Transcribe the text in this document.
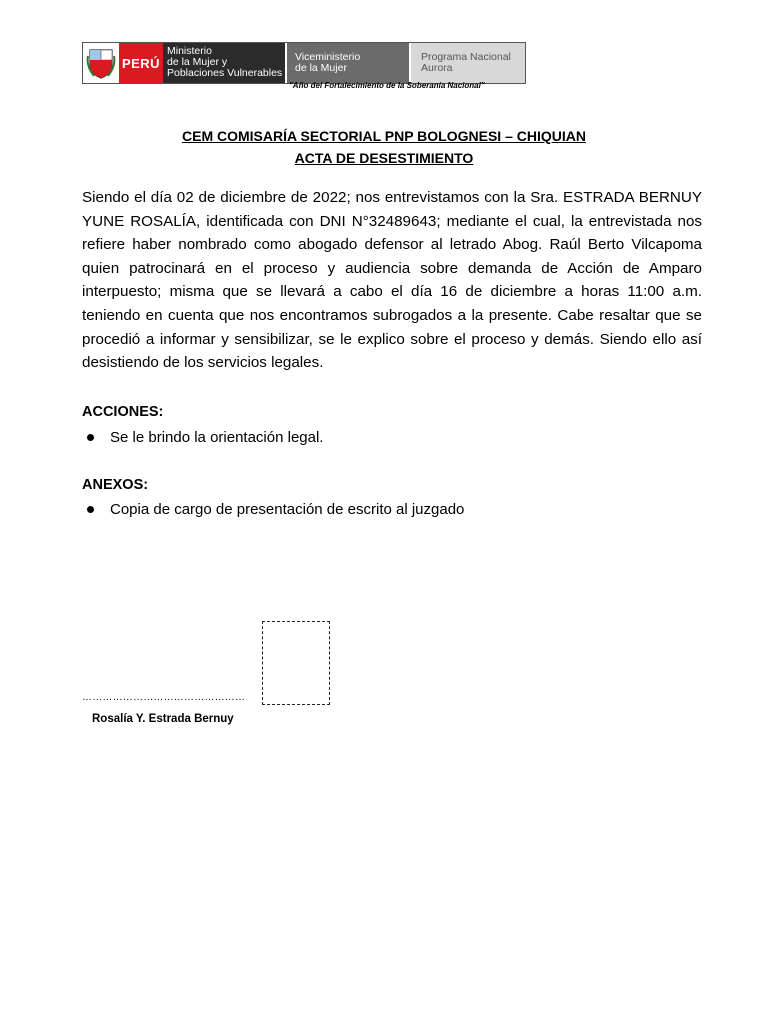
PERÚ
Ministerio
de la Mujer y
Poblaciones Vulnerables
Viceministerio
de la Mujer
Programa Nacional
Aurora
"Año del Fortalecimiento de la Soberanía Nacional"
CEM COMISARÍA SECTORIAL PNP BOLOGNESI – CHIQUIAN
ACTA DE DESESTIMIENTO
Siendo el día 02 de diciembre de 2022; nos entrevistamos con la Sra. ESTRADA BERNUY YUNE ROSALÍA, identificada con DNI N°32489643; mediante el cual, la entrevistada nos refiere haber nombrado como abogado defensor al letrado Abog. Raúl Berto Vilcapoma quien patrocinará en el proceso y audiencia sobre demanda de Acción de Amparo interpuesto; misma que se llevará a cabo el día 16 de diciembre a horas 11:00 a.m. teniendo en cuenta que nos encontramos subrogados a la presente. Cabe resaltar que se procedió a informar y sensibilizar, se le explico sobre el proceso y demás. Siendo ello así desistiendo de los servicios legales.
ACCIONES:
Se le brindo la orientación legal.
ANEXOS:
Copia de cargo de presentación de escrito al juzgado
…………………………………………
Rosalía Y. Estrada Bernuy
